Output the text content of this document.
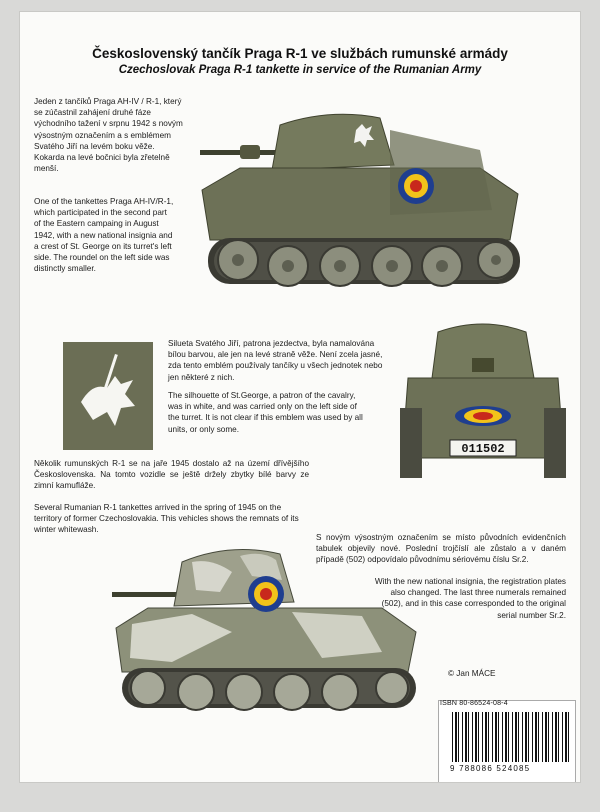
Československý tančík Praga R-1 ve službách rumunské armády
Czechoslovak Praga R-1 tankette in service of the Rumanian Army
Jeden z tančíků Praga AH-IV / R-1, který se zúčastnil zahájení druhé fáze východního tažení v srpnu 1942 s novým výsostným označením a s emblémem Svatého Jiří na levém boku věže. Kokarda na levé bočnici byla zřetelně menší.
One of the tankettes Praga AH-IV/R-1, which participated in the second part of the Eastern campaing in August 1942, with a new national insignia and a crest of St. George on its turret's left side. The roundel on the left side was distinctly smaller.
Silueta Svatého Jiří, patrona jezdectva, byla namalována bílou barvou, ale jen na levé straně věže. Není zcela jasné, zda tento emblém používaly tančíky u všech jednotek nebo jen některé z nich.
The silhouette of St.George, a patron of the cavalry, was in white, and was carried only on the left side of the turret. It is not clear if this emblem was used by all units, or only some.
011502
Několik rumunských R-1 se na jaře 1945 dostalo až na území dřívějšího Československa. Na tomto vozidle se ještě držely zbytky bílé barvy ze zimní kamufláže.
Several Rumanian R-1 tankettes arrived in the spring of 1945 on the territory of former Czechoslovakia. This vehicles shows the remnats of its winter whitewash.
S novým výsostným označením se místo původních evidenčních tabulek objevily nové. Poslední trojčíslí ale zůstalo a v daném případě (502) odpovídalo původnímu sériovému číslu Sr.2.
With the new national insignia, the registration plates also changed. The last three numerals remained (502), and in this case corresponded to the original serial number Sr.2.
© Jan MÁCE
ISBN 80-86524-08-4
9 788086 524085
